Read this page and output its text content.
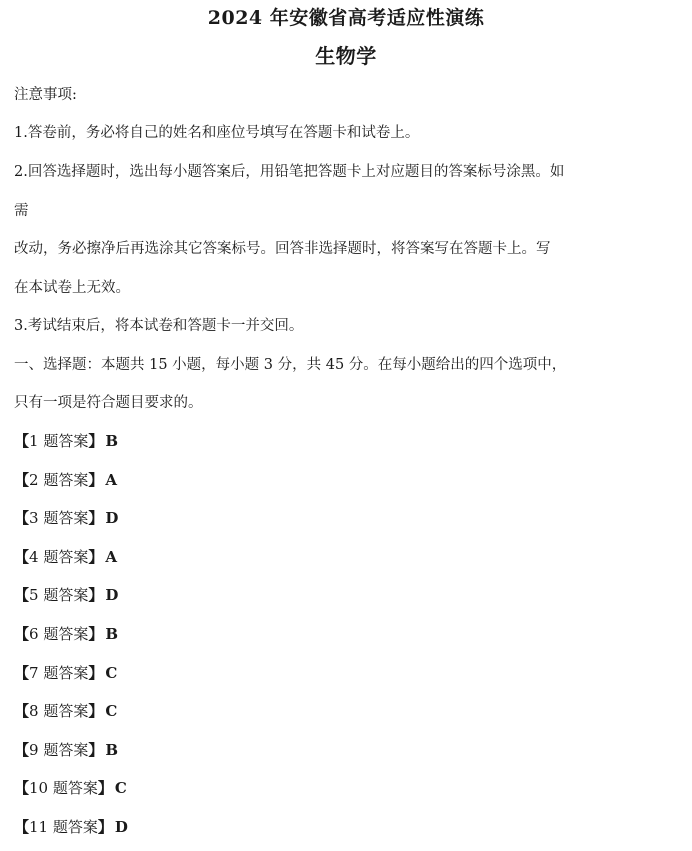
2024 年安徽省高考适应性演练
生物学
注意事项:
1.答卷前，务必将自己的姓名和座位号填写在答题卡和试卷上。
2.回答选择题时，选出每小题答案后，用铅笔把答题卡上对应题目的答案标号涂黑。如
需
改动，务必擦净后再选涂其它答案标号。回答非选择题时，将答案写在答题卡上。写
在本试卷上无效。
3.考试结束后，将本试卷和答题卡一并交回。
一、选择题：本题共 15 小题，每小题 3 分，共 45 分。在每小题给出的四个选项中，
只有一项是符合题目要求的。
【1 题答案】 B
【2 题答案】 A
【3 题答案】 D
【4 题答案】 A
【5 题答案】 D
【6 题答案】 B
【7 题答案】 C
【8 题答案】 C
【9 题答案】 B
【10 题答案】 C
【11 题答案】 D
